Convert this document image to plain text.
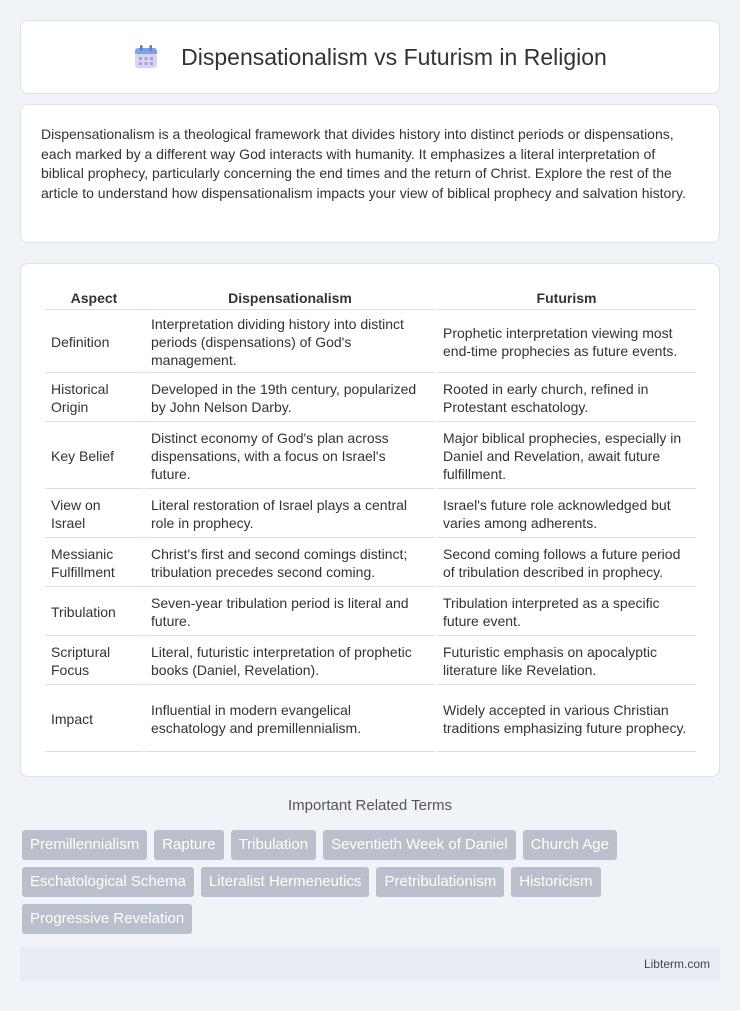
Dispensationalism vs Futurism in Religion

Dispensationalism is a theological framework that divides history into distinct periods or dispensations, each marked by a different way God interacts with humanity. It emphasizes a literal interpretation of biblical prophecy, particularly concerning the end times and the return of Christ. Explore the rest of the article to understand how dispensationalism impacts your view of biblical prophecy and salvation history.

Aspect	Dispensationalism	Futurism
Definition	Interpretation dividing history into distinct periods (dispensations) of God's management.	Prophetic interpretation viewing most end-time prophecies as future events.
Historical Origin	Developed in the 19th century, popularized by John Nelson Darby.	Rooted in early church, refined in Protestant eschatology.
Key Belief	Distinct economy of God's plan across dispensations, with a focus on Israel's future.	Major biblical prophecies, especially in Daniel and Revelation, await future fulfillment.
View on Israel	Literal restoration of Israel plays a central role in prophecy.	Israel's future role acknowledged but varies among adherents.
Messianic Fulfillment	Christ's first and second comings distinct; tribulation precedes second coming.	Second coming follows a future period of tribulation described in prophecy.
Tribulation	Seven-year tribulation period is literal and future.	Tribulation interpreted as a specific future event.
Scriptural Focus	Literal, futuristic interpretation of prophetic books (Daniel, Revelation).	Futuristic emphasis on apocalyptic literature like Revelation.
Impact	Influential in modern evangelical eschatology and premillennialism.	Widely accepted in various Christian traditions emphasizing future prophecy.
Important Related Terms
Premillennialism	Rapture	Tribulation	Seventieth Week of Daniel	Church Age
Eschatological Schema	Literalist Hermeneutics	Pretribulationism	Historicism
Progressive Revelation
Libterm.com
